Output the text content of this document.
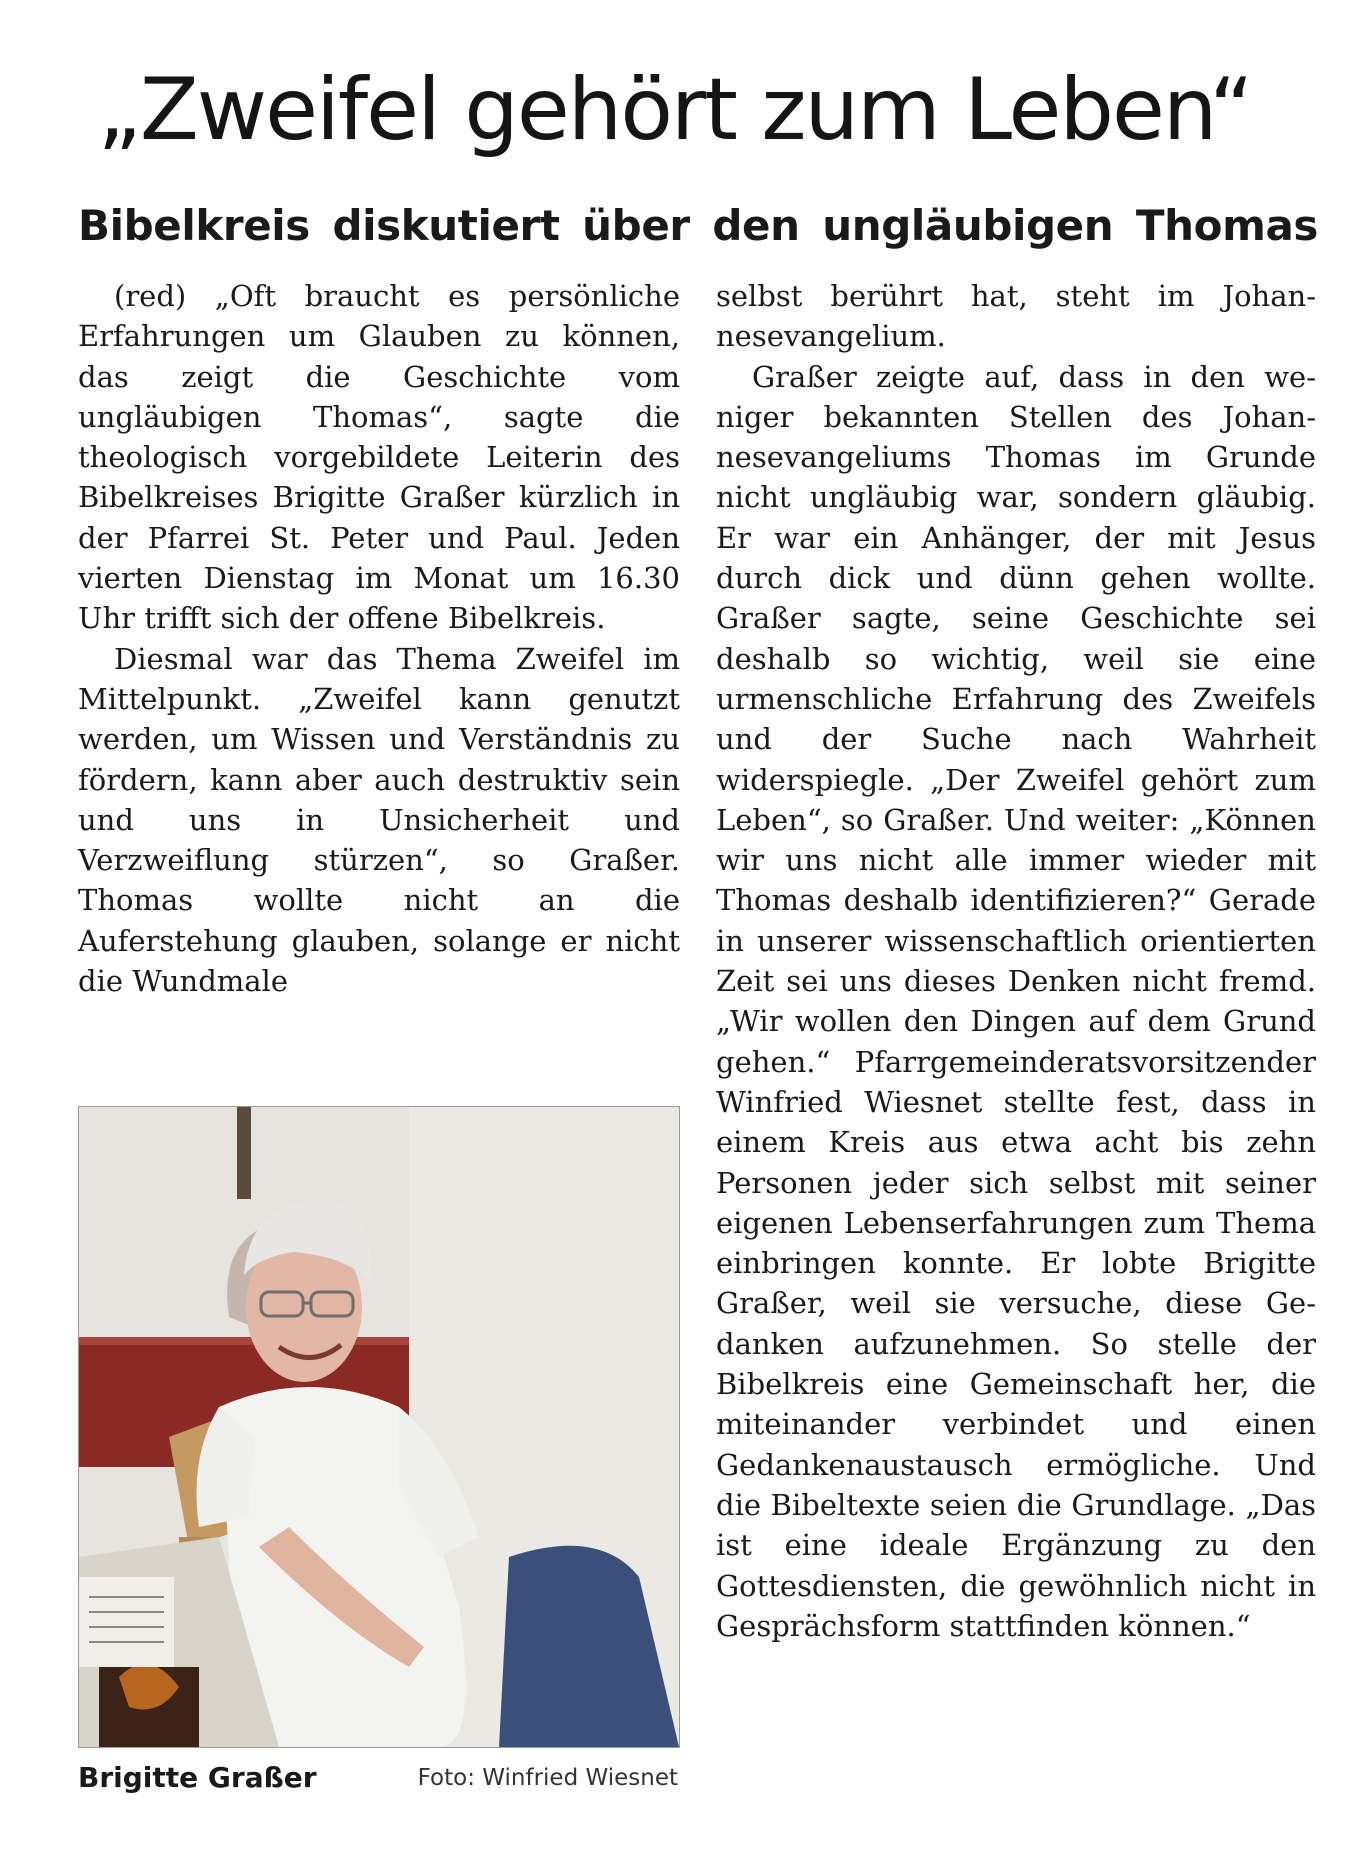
„Zweifel gehört zum Leben“
Bibelkreis diskutiert über den ungläubigen Thomas

(red) „Oft braucht es persönliche Erfahrungen um Glauben zu können, das zeigt die Geschichte vom ungläubigen Thomas“, sagte die theologisch vorgebildete Leiterin des Bibelkreises Brigitte Graßer kürzlich in der Pfarrei St. Peter und Paul. Jeden vierten Dienstag im Monat um 16.30 Uhr trifft sich der offene Bibelkreis.

Diesmal war das Thema Zweifel im Mittelpunkt. „Zweifel kann genutzt werden, um Wissen und Verständnis zu fördern, kann aber auch destruktiv sein und uns in Unsicherheit und Verzweiflung stürzen“, so Graßer. Thomas wollte nicht an die Auferstehung glauben, solange er nicht die Wundmale

selbst berührt hat, steht im Johannesevangelium.

Graßer zeigte auf, dass in den weniger bekannten Stellen des Johannesevangeliums Thomas im Grunde nicht ungläubig war, sondern gläubig. Er war ein Anhänger, der mit Jesus durch dick und dünn gehen wollte. Graßer sagte, seine Geschichte sei deshalb so wichtig, weil sie eine urmenschliche Erfahrung des Zweifels und der Suche nach Wahrheit widerspiegle. „Der Zweifel gehört zum Leben“, so Graßer. Und weiter: „Können wir uns nicht alle immer wieder mit Thomas deshalb identifizieren?“ Gerade in unserer wissenschaftlich orientierten Zeit sei uns dieses Denken nicht fremd. „Wir wollen den Dingen auf dem Grund gehen.“ Pfarrgemeinderatsvorsitzender Winfried Wiesnet stellte fest, dass in einem Kreis aus etwa acht bis zehn Personen jeder sich selbst mit seiner eigenen Lebenserfahrungen zum Thema einbringen konnte. Er lobte Brigitte Graßer, weil sie versuche, diese Gedanken aufzunehmen. So stelle der Bibelkreis eine Gemeinschaft her, die miteinander verbindet und einen Gedankenaustausch ermögliche. Und die Bibeltexte seien die Grundlage. „Das ist eine ideale Ergänzung zu den Gottesdiensten, die gewöhnlich nicht in Gesprächsform stattfinden können.“

Brigitte Graßer	Foto: Winfried Wiesnet
